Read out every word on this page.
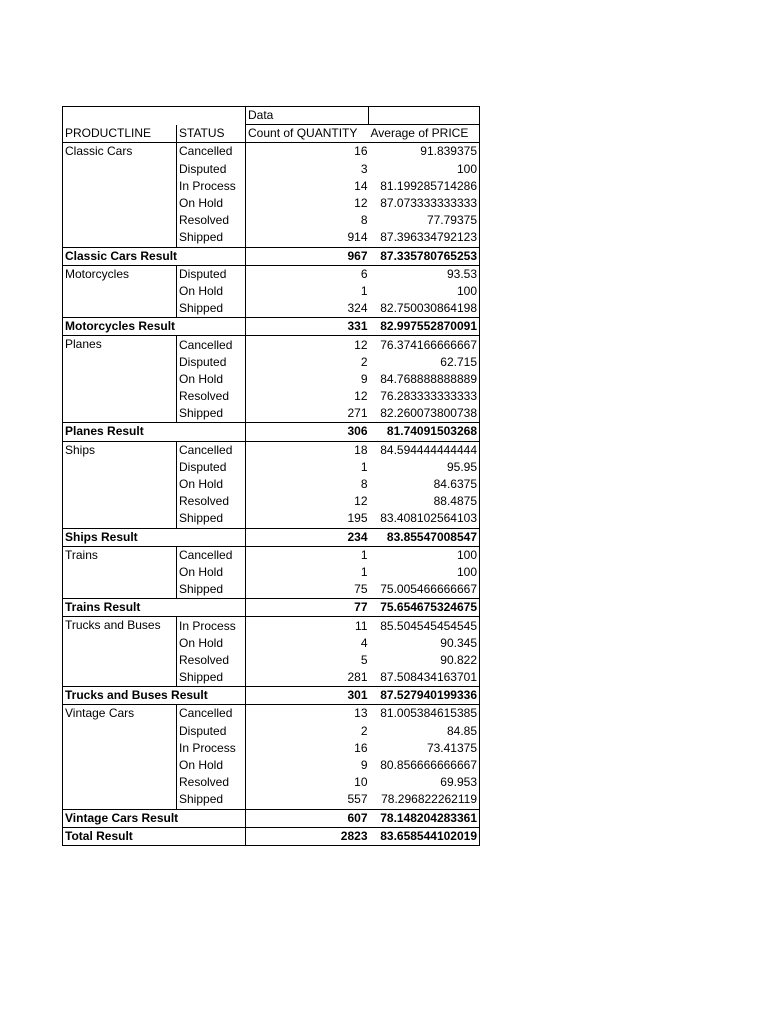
		Data	
PRODUCTLINE	STATUS	Count of QUANTITY	Average of PRICE
Classic Cars	Cancelled	16	91.839375
	Disputed	3	100
	In Process	14	81.199285714286
	On Hold	12	87.073333333333
	Resolved	8	77.79375
	Shipped	914	87.396334792123
Classic Cars Result		967	87.335780765253
Motorcycles	Disputed	6	93.53
	On Hold	1	100
	Shipped	324	82.750030864198
Motorcycles Result		331	82.997552870091
Planes	Cancelled	12	76.374166666667
	Disputed	2	62.715
	On Hold	9	84.768888888889
	Resolved	12	76.283333333333
	Shipped	271	82.260073800738
Planes Result		306	81.74091503268
Ships	Cancelled	18	84.594444444444
	Disputed	1	95.95
	On Hold	8	84.6375
	Resolved	12	88.4875
	Shipped	195	83.408102564103
Ships Result		234	83.85547008547
Trains	Cancelled	1	100
	On Hold	1	100
	Shipped	75	75.005466666667
Trains Result		77	75.654675324675
Trucks and Buses	In Process	11	85.504545454545
	On Hold	4	90.345
	Resolved	5	90.822
	Shipped	281	87.508434163701
Trucks and Buses Result		301	87.527940199336
Vintage Cars	Cancelled	13	81.005384615385
	Disputed	2	84.85
	In Process	16	73.41375
	On Hold	9	80.856666666667
	Resolved	10	69.953
	Shipped	557	78.296822262119
Vintage Cars Result		607	78.148204283361
Total Result		2823	83.658544102019
